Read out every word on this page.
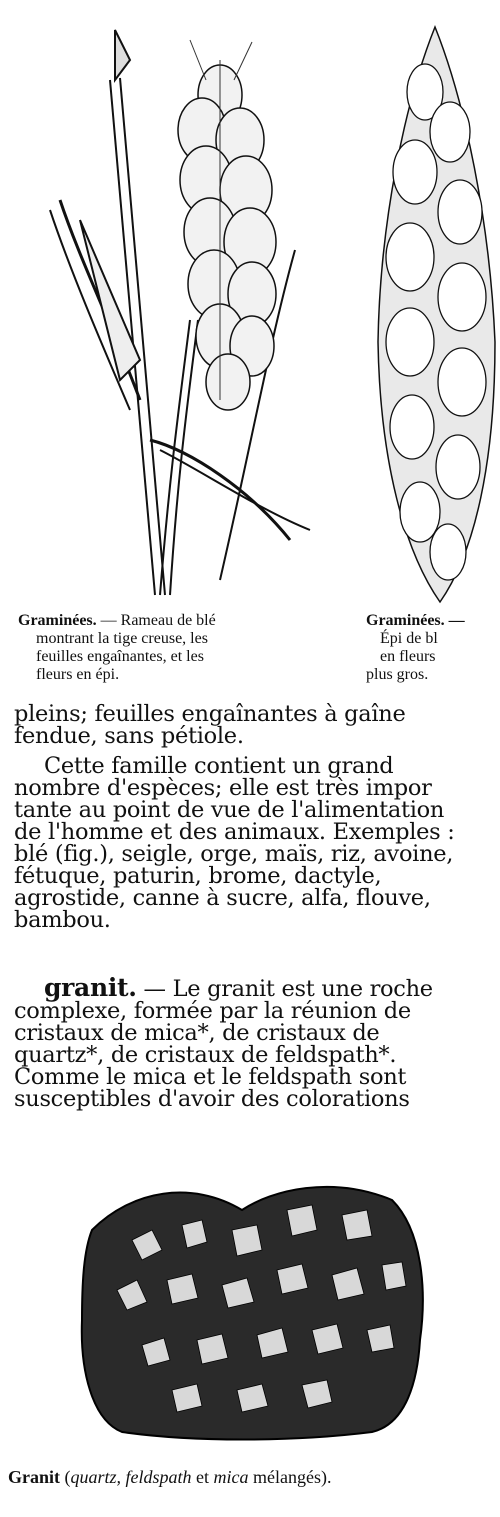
Graminées. — Rameau de blé
montrant la tige creuse, les
feuilles engaînantes, et les
fleurs en épi.
Graminées. —
Épi de bl
en fleurs
plus gros.
pleins; feuilles engaînantes à gaîne
fendue, sans pétiole.
Cette famille contient un grand
nombre d'espèces; elle est très impor
tante au point de vue de l'alimentation
de l'homme et des animaux. Exemples :
blé (fig.), seigle, orge, maïs, riz, avoine,
fétuque, paturin, brome, dactyle,
agrostide, canne à sucre, alfa, flouve,
bambou.
granit. — Le granit est une roche
complexe, formée par la réunion de
cristaux de mica*, de cristaux de
quartz*, de cristaux de feldspath*.
Comme le mica et le feldspath sont
susceptibles d'avoir des colorations
Granit (quartz, feldspath et mica mélangés).
